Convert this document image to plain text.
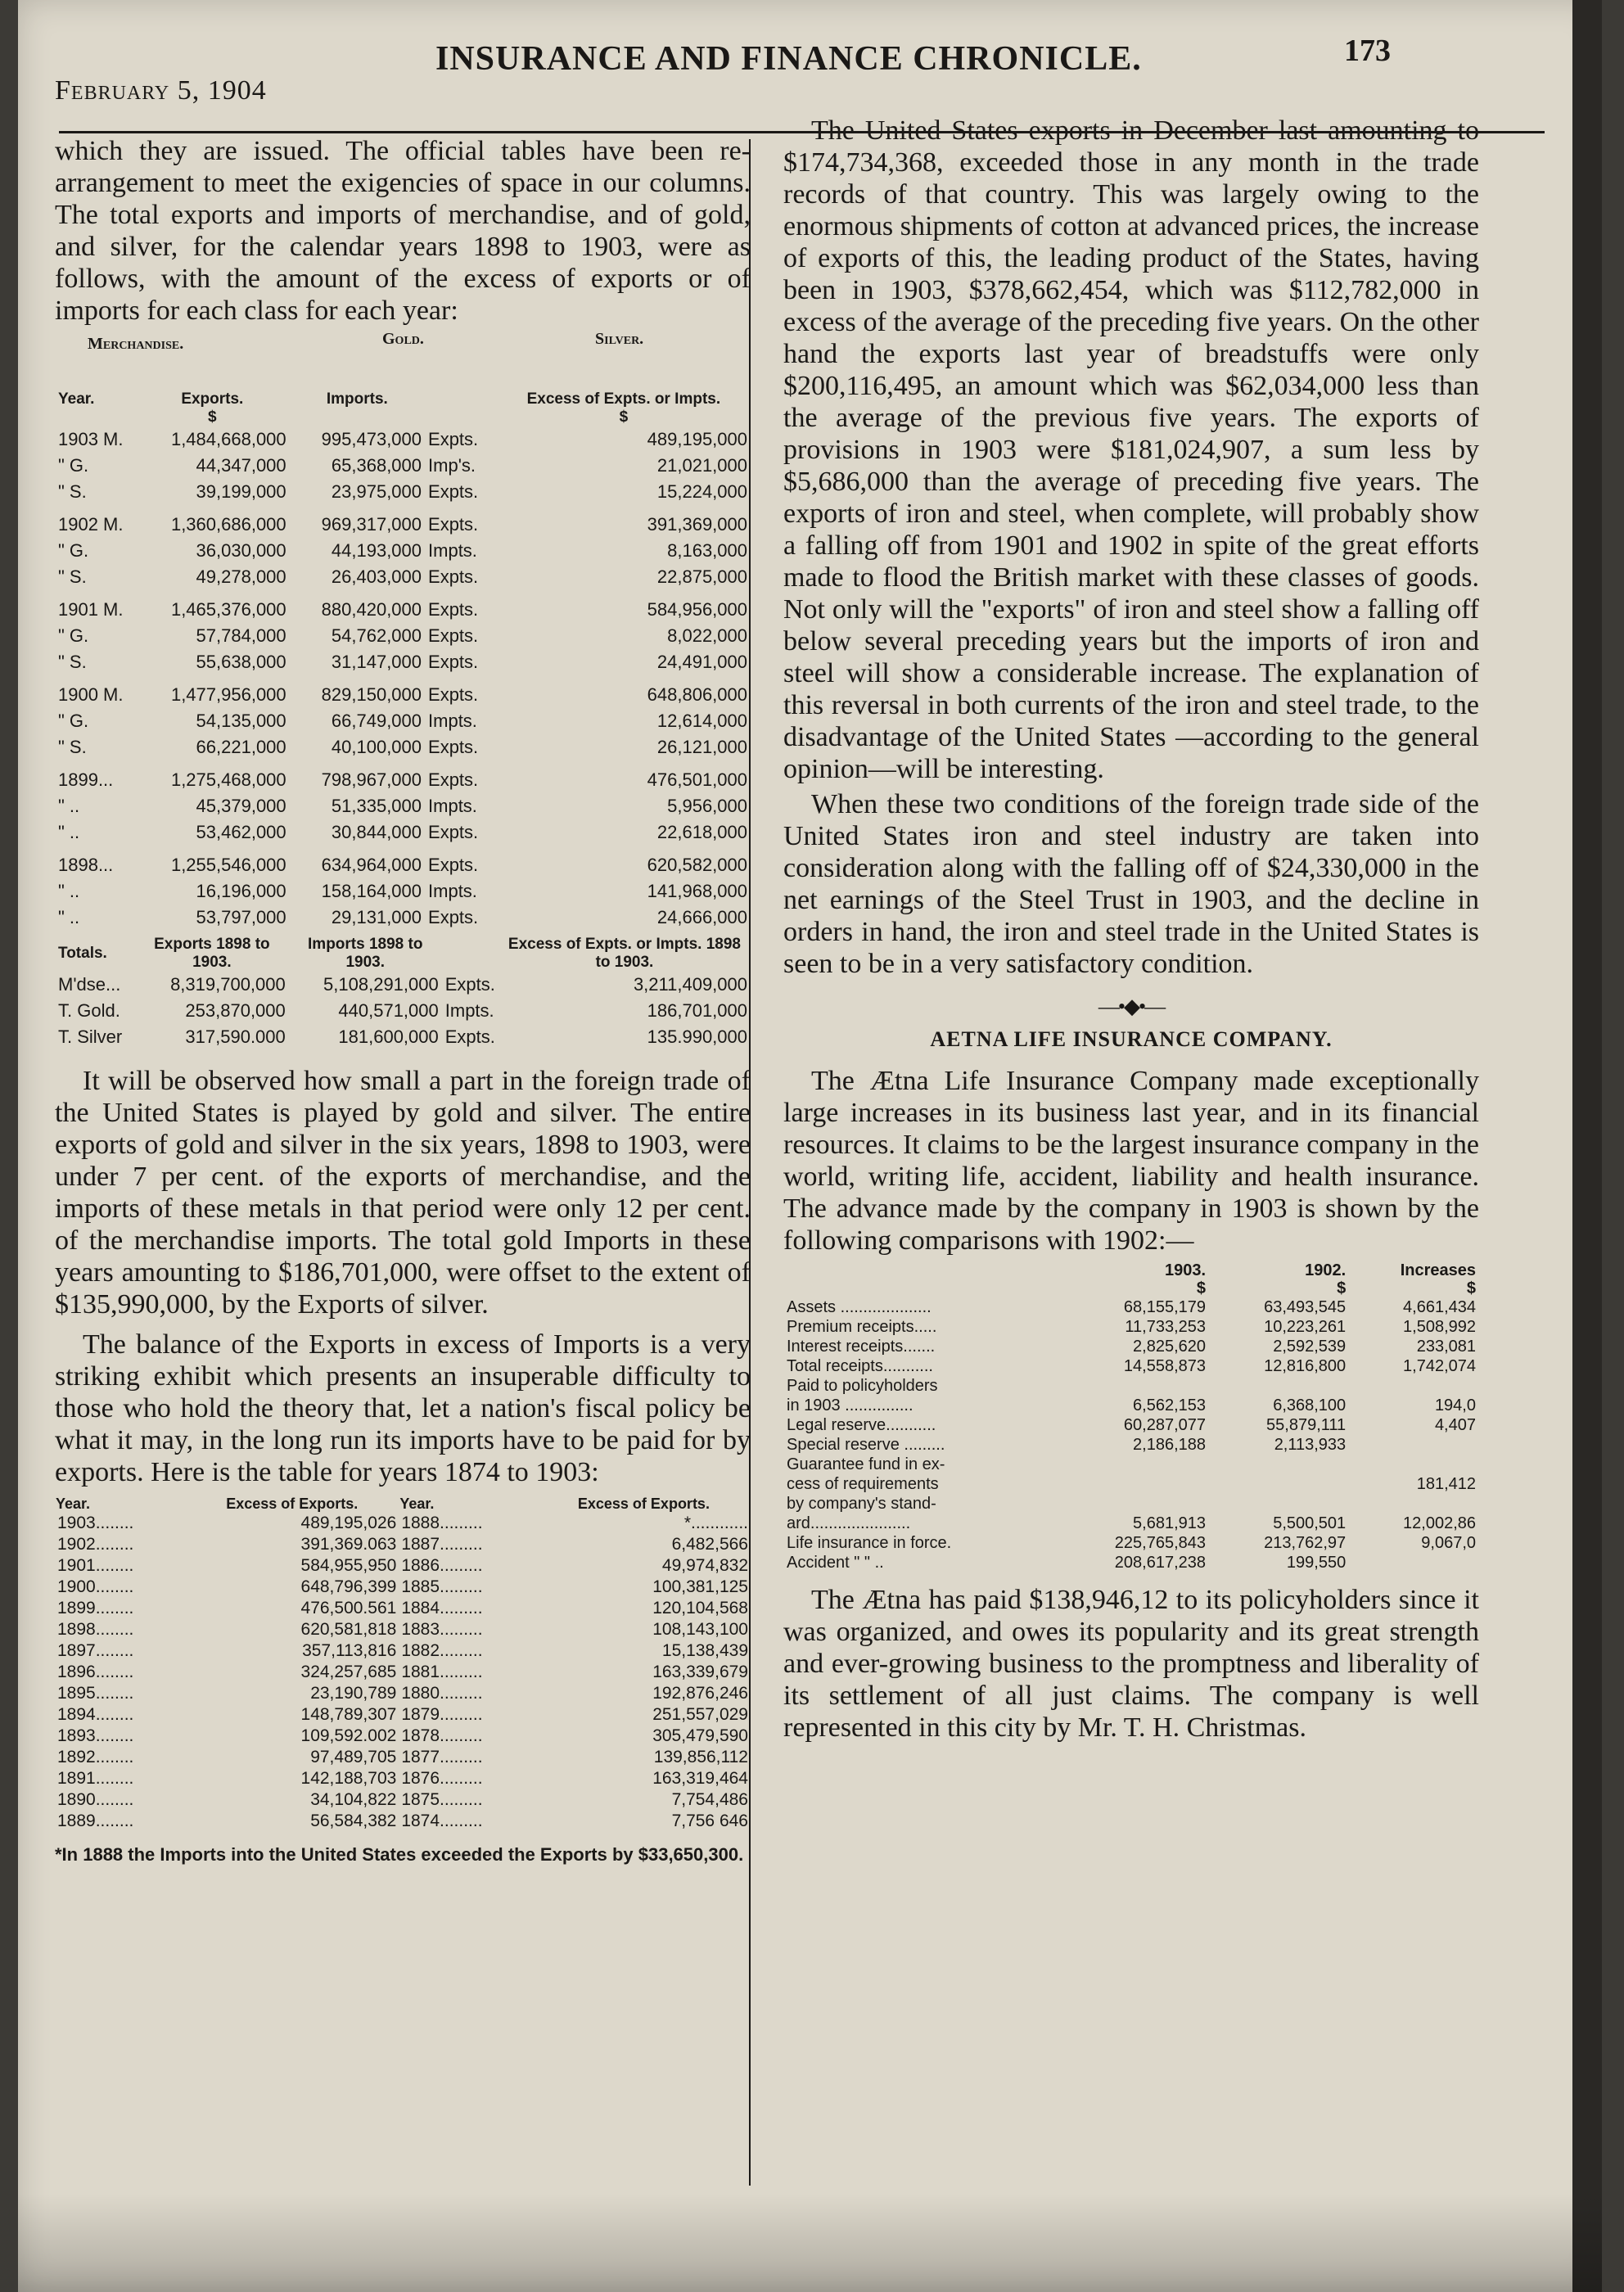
February 5, 1904
INSURANCE AND FINANCE CHRONICLE.	173

which they are issued. The official tables have been re-arrangement to meet the exigencies of space in our columns. The total exports and imports of merchandise, and of gold, and silver, for the calendar years 1898 to 1903, were as follows, with the amount of the excess of exports or of imports for each class for each year:

Merchandise.	Gold.	Silver.
Year.	Exports.	Imports.		Excess of Expts. or Impts.
	$			$
1903 M.	1,484,668,000	995,473,000	Expts.	489,195,000
" G.	44,347,000	65,368,000	Imp's.	21,021,000
" S.	39,199,000	23,975,000	Expts.	15,224,000
1902 M.	1,360,686,000	969,317,000	Expts.	391,369,000
" G.	36,030,000	44,193,000	Impts.	8,163,000
" S.	49,278,000	26,403,000	Expts.	22,875,000
1901 M.	1,465,376,000	880,420,000	Expts.	584,956,000
" G.	57,784,000	54,762,000	Expts.	8,022,000
" S.	55,638,000	31,147,000	Expts.	24,491,000
1900 M.	1,477,956,000	829,150,000	Expts.	648,806,000
" G.	54,135,000	66,749,000	Impts.	12,614,000
" S.	66,221,000	40,100,000	Expts.	26,121,000
1899...	1,275,468,000	798,967,000	Expts.	476,501,000
" ..	45,379,000	51,335,000	Impts.	5,956,000
" ..	53,462,000	30,844,000	Expts.	22,618,000
1898...	1,255,546,000	634,964,000	Expts.	620,582,000
" ..	16,196,000	158,164,000	Impts.	141,968,000
" ..	53,797,000	29,131,000	Expts.	24,666,000
Totals.	Exports 1898 to 1903.	Imports 1898 to 1903.		Excess of Expts. or Impts. 1898 to 1903.
M'dse...	8,319,700,000	5,108,291,000	Expts.	3,211,409,000
T. Gold.	253,870,000	440,571,000	Impts.	186,701,000
T. Silver	317,590.000	181,600,000	Expts.	135.990,000

It will be observed how small a part in the foreign trade of the United States is played by gold and silver. The entire exports of gold and silver in the six years, 1898 to 1903, were under 7 per cent. of the exports of merchandise, and the imports of these metals in that period were only 12 per cent. of the merchandise imports. The total gold Imports in these years amounting to $186,701,000, were offset to the extent of $135,990,000, by the Exports of silver.

The balance of the Exports in excess of Imports is a very striking exhibit which presents an insuperable difficulty to those who hold the theory that, let a nation's fiscal policy be what it may, in the long run its imports have to be paid for by exports. Here is the table for years 1874 to 1903:

Year.	Excess of Exports.	Year.	Excess of Exports.
1903........	489,195,026	1888.........	*............
1902........	391,369.063	1887.........	6,482,566
1901........	584,955,950	1886.........	49,974,832
1900........	648,796,399	1885.........	100,381,125
1899........	476,500.561	1884.........	120,104,568
1898........	620,581,818	1883.........	108,143,100
1897........	357,113,816	1882.........	15,138,439
1896........	324,257,685	1881.........	163,339,679
1895........	23,190,789	1880.........	192,876,246
1894........	148,789,307	1879.........	251,557,029
1893........	109,592.002	1878.........	305,479,590
1892........	97,489,705	1877.........	139,856,112
1891........	142,188,703	1876.........	163,319,464
1890........	34,104,822	1875.........	7,754,486
1889........	56,584,382	1874.........	7,756 646
*In 1888 the Imports into the United States exceeded the Exports by $33,650,300.

The United States exports in December last amounting to $174,734,368, exceeded those in any month in the trade records of that country. This was largely owing to the enormous shipments of cotton at advanced prices, the increase of exports of this, the leading product of the States, having been in 1903, $378,662,454, which was $112,782,000 in excess of the average of the preceding five years. On the other hand the exports last year of breadstuffs were only $200,116,495, an amount which was $62,034,000 less than the average of the previous five years. The exports of provisions in 1903 were $181,024,907, a sum less by $5,686,000 than the average of preceding five years. The exports of iron and steel, when complete, will probably show a falling off from 1901 and 1902 in spite of the great efforts made to flood the British market with these classes of goods. Not only will the "exports" of iron and steel show a falling off below several preceding years but the imports of iron and steel will show a considerable increase. The explanation of this reversal in both currents of the iron and steel trade, to the disadvantage of the United States —according to the general opinion—will be interesting.

When these two conditions of the foreign trade side of the United States iron and steel industry are taken into consideration along with the falling off of $24,330,000 in the net earnings of the Steel Trust in 1903, and the decline in orders in hand, the iron and steel trade in the United States is seen to be in a very satisfactory condition.

—•◆•—
AETNA LIFE INSURANCE COMPANY.

The Ætna Life Insurance Company made exceptionally large increases in its business last year, and in its financial resources. It claims to be the largest insurance company in the world, writing life, accident, liability and health insurance. The advance made by the company in 1903 is shown by the following comparisons with 1902:—

	1903.	1902.	Increases
	$	$	$
Assets ....................	68,155,179	63,493,545	4,661,434
Premium receipts.....	11,733,253	10,223,261	1,508,992
Interest receipts.......	2,825,620	2,592,539	233,081
Total receipts...........	14,558,873	12,816,800	1,742,074
Paid to policyholders			
in 1903 ...............	6,562,153	6,368,100	194,0
Legal reserve...........	60,287,077	55,879,111	4,407
Special reserve .........	2,186,188	2,113,933	
Guarantee fund in ex-			
cess of requirements			181,412
by company's stand-			
ard......................	5,681,913	5,500,501	12,002,86
Life insurance in force.	225,765,843	213,762,97	9,067,0
Accident " " ..	208,617,238	199,550	

The Ætna has paid $138,946,12 to its policyholders since it was organized, and owes its popularity and its great strength and ever-growing business to the promptness and liberality of its settlement of all just claims. The company is well represented in this city by Mr. T. H. Christmas.
